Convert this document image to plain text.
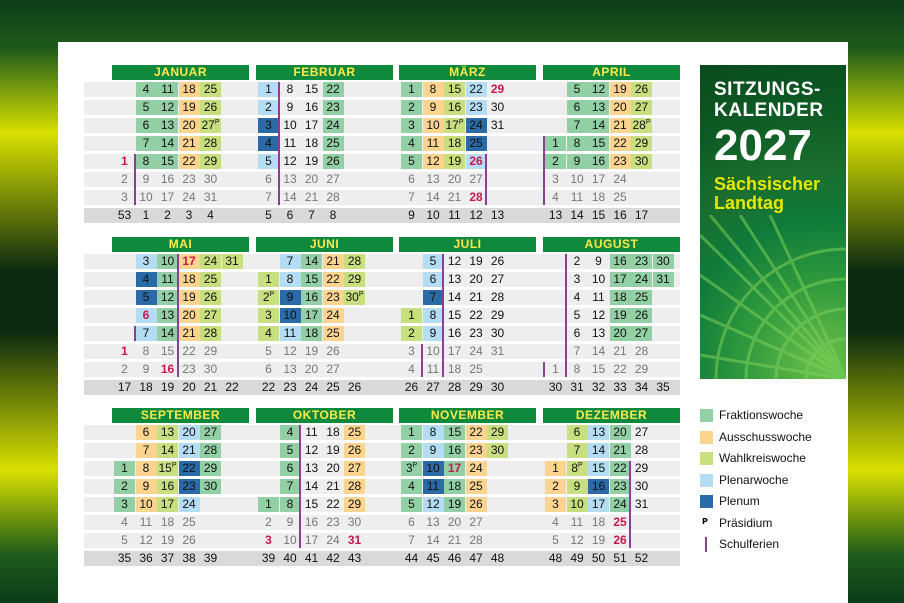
JANUAR
1
2
3
53
4
5
6
7
8
9
10
1
11
12
13
14
15
16
17
2
18
19
20
21
22
23
24
3
25
26
$27^P$
28
29
30
31
4
FEBRUAR
1
2
3
4
5
6
7
5
8
9
10
11
12
13
14
6
15
16
17
18
19
20
21
7
22
23
24
25
26
27
28
8
MÄRZ
1
2
3
4
5
6
7
9
8
9
10
11
12
13
14
10
15
16
$17^P$
18
19
20
21
11
22
23
24
25
26
27
28
12
29
30
31
13
APRIL
1
2
3
4
13
5
6
7
8
9
10
11
14
12
13
14
15
16
17
18
15
19
20
21
22
23
24
25
16
26
27
$28^P$
29
30
17
MAI
1
2
17
3
4
5
6
7
8
9
18
10
11
12
13
14
15
16
19
17
18
19
20
21
22
23
20
24
25
26
27
28
29
30
21
31
22
JUNI
1
$2^P$
3
4
5
6
22
7
8
9
10
11
12
13
23
14
15
16
17
18
19
20
24
21
22
23
24
25
26
27
25
28
29
$30^P$
26
JULI
1
2
3
4
26
5
6
7
8
9
10
11
27
12
13
14
15
16
17
18
28
19
20
21
22
23
24
25
29
26
27
28
29
30
31
30
AUGUST
1
30
2
3
4
5
6
7
8
31
9
10
11
12
13
14
15
32
16
17
18
19
20
21
22
33
23
24
25
26
27
28
29
34
30
31
35
SEPTEMBER
1
2
3
4
5
35
6
7
8
9
10
11
12
36
13
14
$15^P$
16
17
18
19
37
20
21
22
23
24
25
26
38
27
28
29
30
39
OKTOBER
1
2
3
39
4
5
6
7
8
9
10
40
11
12
13
14
15
16
17
41
18
19
20
21
22
23
24
42
25
26
27
28
29
30
31
43
NOVEMBER
1
2
$3^P$
4
5
6
7
44
8
9
10
11
12
13
14
45
15
16
17
18
19
20
21
46
22
23
24
25
26
27
28
47
29
30
48
DEZEMBER
1
2
3
4
5
48
6
7
$8^P$
9
10
11
12
49
13
14
15
16
17
18
19
50
20
21
22
23
24
25
26
51
27
28
29
30
31
52
SITZUNGS-
KALENDER
2027
Sächsischer
Landtag
Fraktionswoche
Ausschusswoche
Wahlkreiswoche
Plenarwoche
Plenum
P Präsidium
Schulferien
